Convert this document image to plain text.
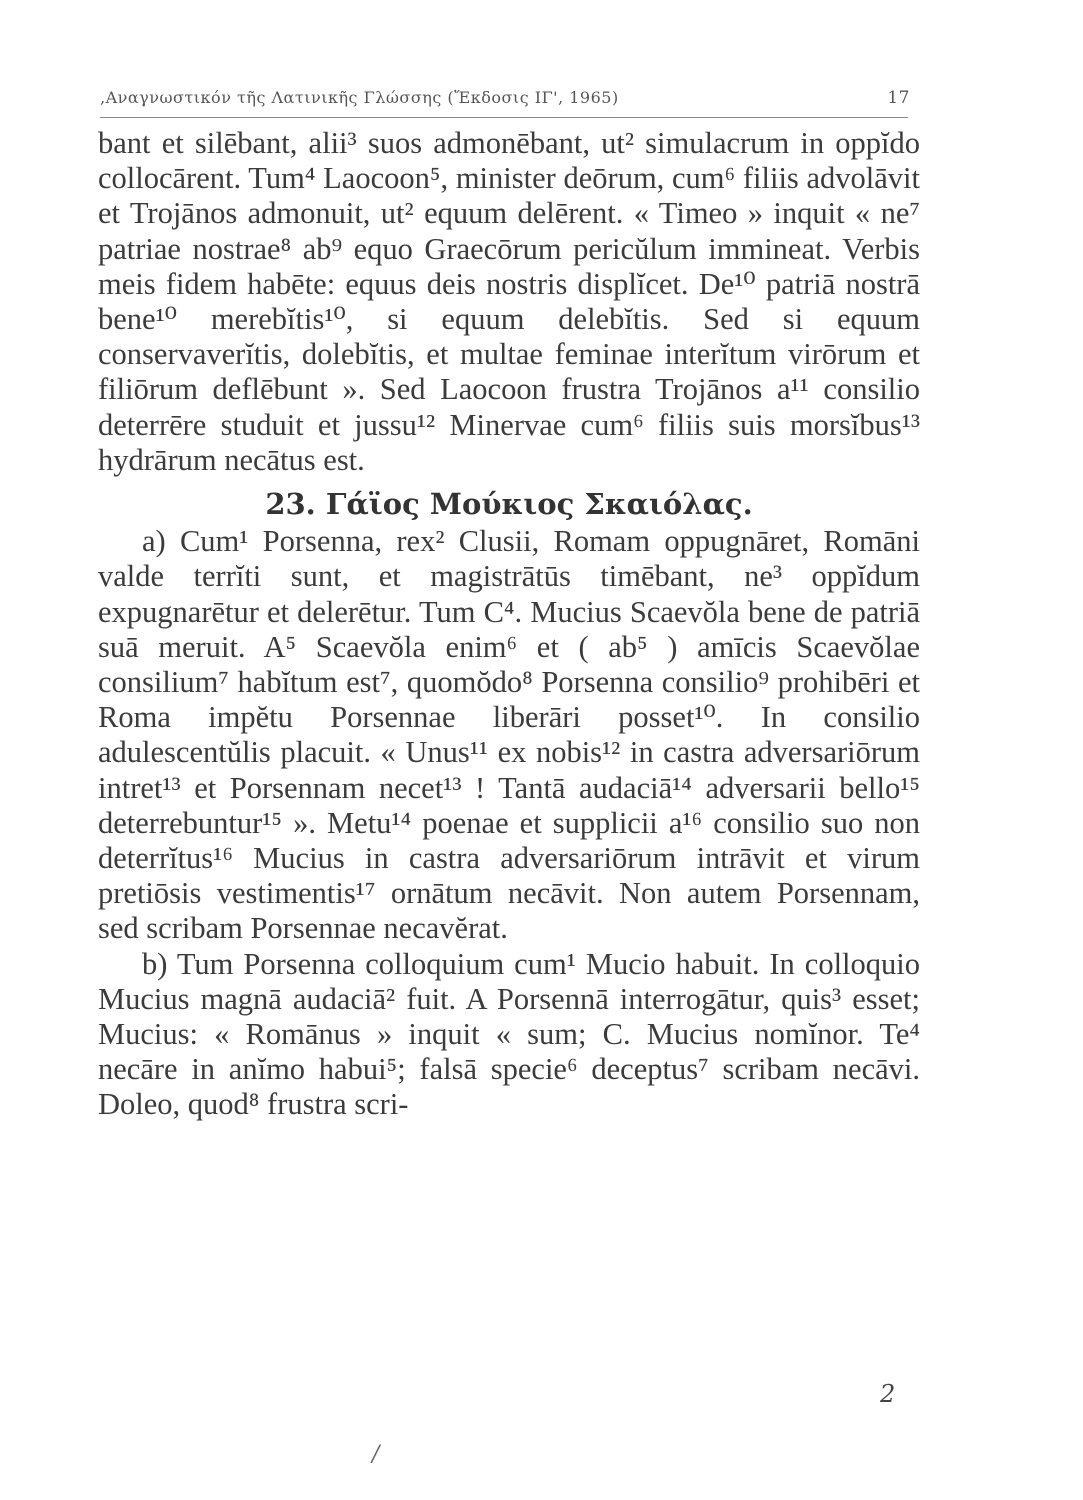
‚Αναγνωστικόν τῆς Λατινικῆς Γλώσσης (Ἔκδοσις ΙΓ', 1965)	17

bant et silēbant, alii³ suos admonēbant, ut² simulacrum in oppĭdo collocārent. Tum⁴ Laocoon⁵, minister deōrum, cum⁶ filiis advolāvit et Trojānos admonuit, ut² equum delērent. « Timeo » inquit « ne⁷ patriae nostrae⁸ ab⁹ equo Graecōrum pericŭlum immineat. Verbis meis fidem habēte: equus deis nostris displĭcet. De¹⁰ patriā nostrā bene¹⁰ merebĭtis¹⁰, si equum delebĭtis. Sed si equum conservaverĭtis, dolebĭtis, et multae feminae interĭtum virōrum et filiōrum deflēbunt ». Sed Laocoon frustra Trojānos a¹¹ consilio deterrēre studuit et jussu¹² Minervae cum⁶ filiis suis morsĭbus¹³ hydrārum necātus est.

23. Γάϊος Μούκιος Σκαιόλας.

a) Cum¹ Porsenna, rex² Clusii, Romam oppugnāret, Romāni valde terrĭti sunt, et magistrātūs timēbant, ne³ oppĭdum expugnarētur et delerētur. Tum C⁴. Mucius Scaevŏla bene de patriā suā meruit. A⁵ Scaevŏla enim⁶ et ( ab⁵ ) amīcis Scaevŏlae consilium⁷ habĭtum est⁷, quomŏdo⁸ Porsenna consilio⁹ prohibēri et Roma impĕtu Porsennae liberāri posset¹⁰. In consilio adulescentŭlis placuit. « Unus¹¹ ex nobis¹² in castra adversariōrum intret¹³ et Porsennam necet¹³ ! Tantā audaciā¹⁴ adversarii bello¹⁵ deterrebuntur¹⁵ ». Metu¹⁴ poenae et supplicii a¹⁶ consilio suo non deterrĭtus¹⁶ Mucius in castra adversariōrum intrāvit et virum pretiōsis vestimentis¹⁷ ornātum necāvit. Non autem Porsennam, sed scribam Porsennae necavĕrat.

b) Tum Porsenna colloquium cum¹ Mucio habuit. In colloquio Mucius magnā audaciā² fuit. A Porsennā interrogātur, quis³ esset; Mucius: « Romānus » inquit « sum; C. Mucius nomĭnor. Te⁴ necāre in anĭmo habui⁵; falsā specie⁶ deceptus⁷ scribam necāvi. Doleo, quod⁸ frustra scri-

2
/
